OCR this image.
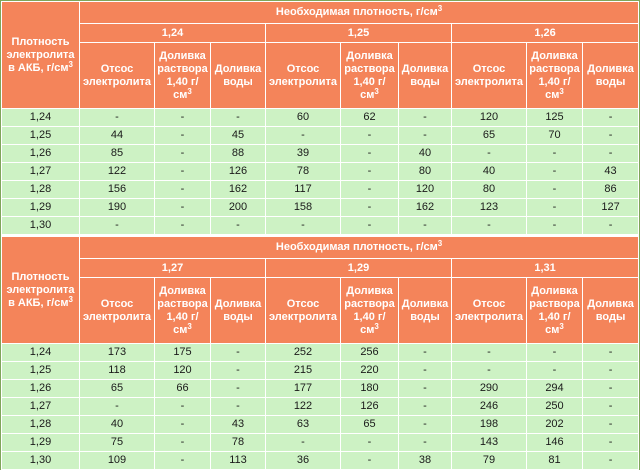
Плотность
электролита
в АКБ, $г/см^3$	Необходимая плотность, $г/см^3$
	1,24			1,25			1,26		
	Отсос
электролита	Доливка
раствора
1,40 г/
$см^3$	Доливка
воды	Отсос
электролита	Доливка
раствора
1,40 г/
$см^3$	Доливка
воды	Отсос
электролита	Доливка
раствора
1,40 г/
$см^3$	Доливка
воды
1,24	-	-	-	60	62	-	120	125	-
1,25	44	-	45	-	-	-	65	70	-
1,26	85	-	88	39	-	40	-	-	-
1,27	122	-	126	78	-	80	40	-	43
1,28	156	-	162	117	-	120	80	-	86
1,29	190	-	200	158	-	162	123	-	127
1,30	-	-	-	-	-	-	-	-	-
Плотность
электролита
в АКБ, $г/см^3$	Необходимая плотность, $г/см^3$
	1,27			1,29			1,31		
	Отсос
электролита	Доливка
раствора
1,40 г/
$см^3$	Доливка
воды	Отсос
электролита	Доливка
раствора
1,40 г/
$см^3$	Доливка
воды	Отсос
электролита	Доливка
раствора
1,40 г/
$см^3$	Доливка
воды
1,24	173	175	-	252	256	-	-	-	-
1,25	118	120	-	215	220	-	-	-	-
1,26	65	66	-	177	180	-	290	294	-
1,27	-	-	-	122	126	-	246	250	-
1,28	40	-	43	63	65	-	198	202	-
1,29	75	-	78	-	-	-	143	146	-
1,30	109	-	113	36	-	38	79	81	-
